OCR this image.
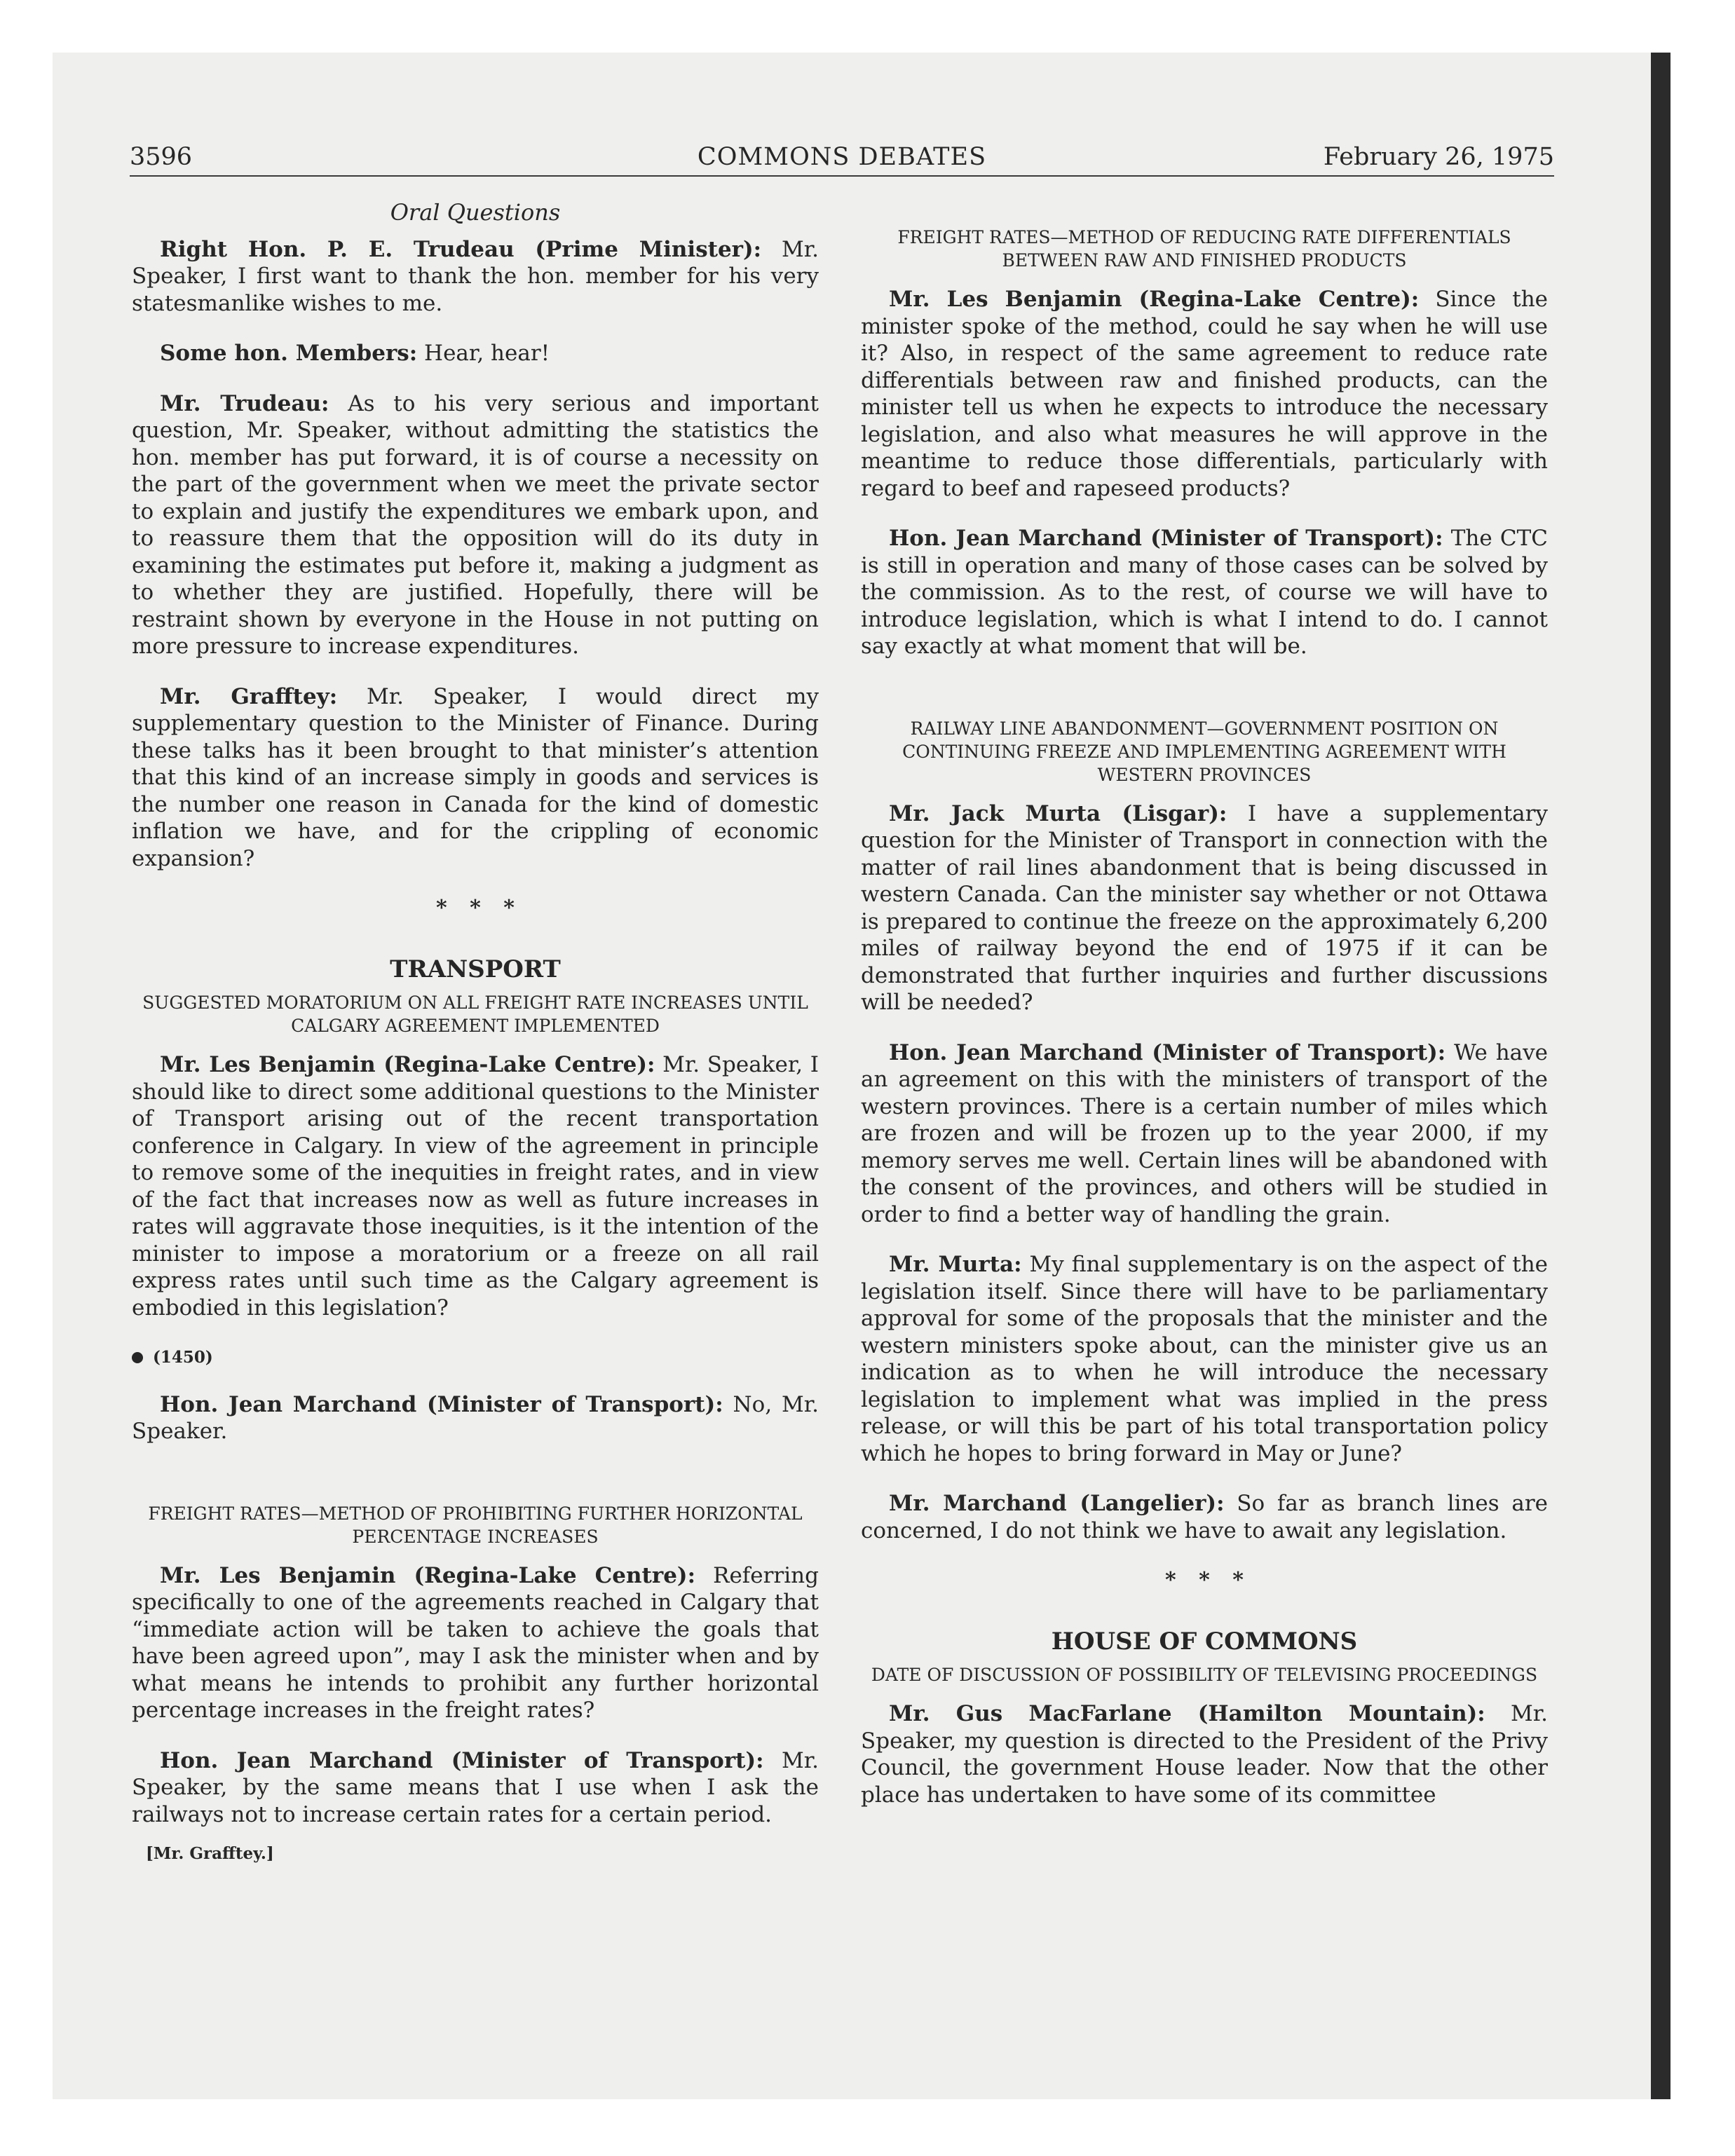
3596	COMMONS DEBATES	February 26, 1975
Oral Questions

Right Hon. P. E. Trudeau (Prime Minister): Mr. Speaker, I first want to thank the hon. member for his very statesmanlike wishes to me.

Some hon. Members: Hear, hear!

Mr. Trudeau: As to his very serious and important question, Mr. Speaker, without admitting the statistics the hon. member has put forward, it is of course a necessity on the part of the government when we meet the private sector to explain and justify the expenditures we embark upon, and to reassure them that the opposition will do its duty in examining the estimates put before it, making a judgment as to whether they are justified. Hopefully, there will be restraint shown by everyone in the House in not putting on more pressure to increase expenditures.

Mr. Grafftey: Mr. Speaker, I would direct my supplementary question to the Minister of Finance. During these talks has it been brought to that minister’s attention that this kind of an increase simply in goods and services is the number one reason in Canada for the kind of domestic inflation we have, and for the crippling of economic expansion?

* * *
TRANSPORT
SUGGESTED MORATORIUM ON ALL FREIGHT RATE INCREASES UNTIL CALGARY AGREEMENT IMPLEMENTED

Mr. Les Benjamin (Regina-Lake Centre): Mr. Speaker, I should like to direct some additional questions to the Minister of Transport arising out of the recent transportation conference in Calgary. In view of the agreement in principle to remove some of the inequities in freight rates, and in view of the fact that increases now as well as future increases in rates will aggravate those inequities, is it the intention of the minister to impose a moratorium or a freeze on all rail express rates until such time as the Calgary agreement is embodied in this legislation?

(1450)

Hon. Jean Marchand (Minister of Transport): No, Mr. Speaker.

FREIGHT RATES—METHOD OF PROHIBITING FURTHER HORIZONTAL PERCENTAGE INCREASES

Mr. Les Benjamin (Regina-Lake Centre): Referring specifically to one of the agreements reached in Calgary that “immediate action will be taken to achieve the goals that have been agreed upon”, may I ask the minister when and by what means he intends to prohibit any further horizontal percentage increases in the freight rates?

Hon. Jean Marchand (Minister of Transport): Mr. Speaker, by the same means that I use when I ask the railways not to increase certain rates for a certain period.

[Mr. Grafftey.]
FREIGHT RATES—METHOD OF REDUCING RATE DIFFERENTIALS BETWEEN RAW AND FINISHED PRODUCTS

Mr. Les Benjamin (Regina-Lake Centre): Since the minister spoke of the method, could he say when he will use it? Also, in respect of the same agreement to reduce rate differentials between raw and finished products, can the minister tell us when he expects to introduce the necessary legislation, and also what measures he will approve in the meantime to reduce those differentials, particularly with regard to beef and rapeseed products?

Hon. Jean Marchand (Minister of Transport): The CTC is still in operation and many of those cases can be solved by the commission. As to the rest, of course we will have to introduce legislation, which is what I intend to do. I cannot say exactly at what moment that will be.

RAILWAY LINE ABANDONMENT—GOVERNMENT POSITION ON CONTINUING FREEZE AND IMPLEMENTING AGREEMENT WITH WESTERN PROVINCES

Mr. Jack Murta (Lisgar): I have a supplementary question for the Minister of Transport in connection with the matter of rail lines abandonment that is being discussed in western Canada. Can the minister say whether or not Ottawa is prepared to continue the freeze on the approximately 6,200 miles of railway beyond the end of 1975 if it can be demonstrated that further inquiries and further discussions will be needed?

Hon. Jean Marchand (Minister of Transport): We have an agreement on this with the ministers of transport of the western provinces. There is a certain number of miles which are frozen and will be frozen up to the year 2000, if my memory serves me well. Certain lines will be abandoned with the consent of the provinces, and others will be studied in order to find a better way of handling the grain.

Mr. Murta: My final supplementary is on the aspect of the legislation itself. Since there will have to be parliamentary approval for some of the proposals that the minister and the western ministers spoke about, can the minister give us an indication as to when he will introduce the necessary legislation to implement what was implied in the press release, or will this be part of his total transportation policy which he hopes to bring forward in May or June?

Mr. Marchand (Langelier): So far as branch lines are concerned, I do not think we have to await any legislation.

* * *
HOUSE OF COMMONS
DATE OF DISCUSSION OF POSSIBILITY OF TELEVISING PROCEEDINGS

Mr. Gus MacFarlane (Hamilton Mountain): Mr. Speaker, my question is directed to the President of the Privy Council, the government House leader. Now that the other place has undertaken to have some of its committee
